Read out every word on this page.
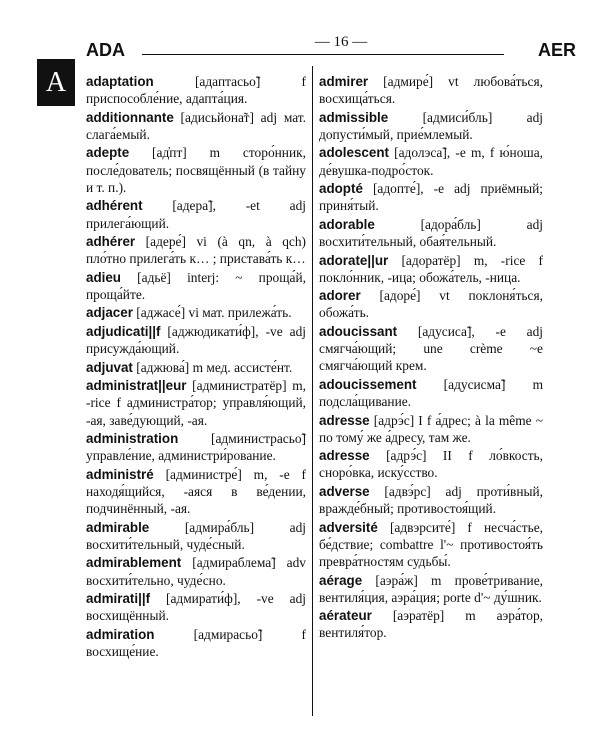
ADA	— 16 —	AER
A adaptation [адаптасьо̃] f приспособле́ние, адапта́ция.
additionnante [адисьйона̃т] adj мат. слага́емый.
adepte [ад̓пт] m сторо́нник, после́дователь; посвящённый (в тайну и т. п.).
adhérent [адера̃], -et adj прилега́ющий.
adhérer [адере́] vi (à qn, à qch) пло́тно прилега́ть к… ; пристава́ть к…
adieu [адьё] interj: ~ проща́й, проща́йте.
adjacer [аджасе́] vi мат. прилежа́ть.
adjudicati||f [аджюдикати́ф], -ve adj присужда́ющий.
adjuvat [аджюва́] m мед. ассисте́нт.
administrat||eur [администратёр] m, -rice f администра́тор; управля́ющий, -ая, заве́дующий, -ая.
administration [администрасьо̃] управле́ние, администри́рование.
administré [администре́] m, -e f находя́щийся, -аяся в ве́дении, подчинённый, -ая.
admirable [адмира́бль] adj восхити́тельный, чуде́сный.
admirablement [адмираблема̃] adv восхити́тельно, чуде́сно.
admirati||f [адмирати́ф], -ve adj восхищённый.
admiration [адмирасьо̃] f восхище́ние.
admirer [адмире́] vt любова́ться, восхища́ться.
admissible [адмиси́бль] adj допусти́мый, прие́млемый.
adolescent [адолэса̃], -e m, f ю́ноша, де́вушка-подро́сток.
adopté [адопте́], -e adj приёмный; приня́тый.
adorable [адора́бль] adj восхити́тельный, обая́тельный.
adorate||ur [адоратёр] m, -rice f покло́нник, -ица; обожа́тель, -ница.
adorer [адоре́] vt поклоня́ться, обожа́ть.
adoucissant [адусиса̃], -e adj смягча́ющий; une crème ~e смягча́ющий крем.
adoucissement [адусисма̃] m подсла́щивание.
adresse [адрэ́с] I f а́дрес; à la même ~ по тому́ же а́дресу, там же.
adresse [адрэ́с] II f ло́вкость, сноро́вка, иску́сство.
adverse [адвэ́рс] adj проти́вный, вражде́бный; противостоя́щий.
adversité [адвэрсите́] f несча́стье, бе́дствие; combattre l'~ противостоя́ть превра́тностям судьбы́.
aérage [аэра́ж] m прове́тривание, вентиля́ция, аэра́ция; porte d'~ ду́шник.
aérateur [аэратёр] m аэра́тор, вентиля́тор.
